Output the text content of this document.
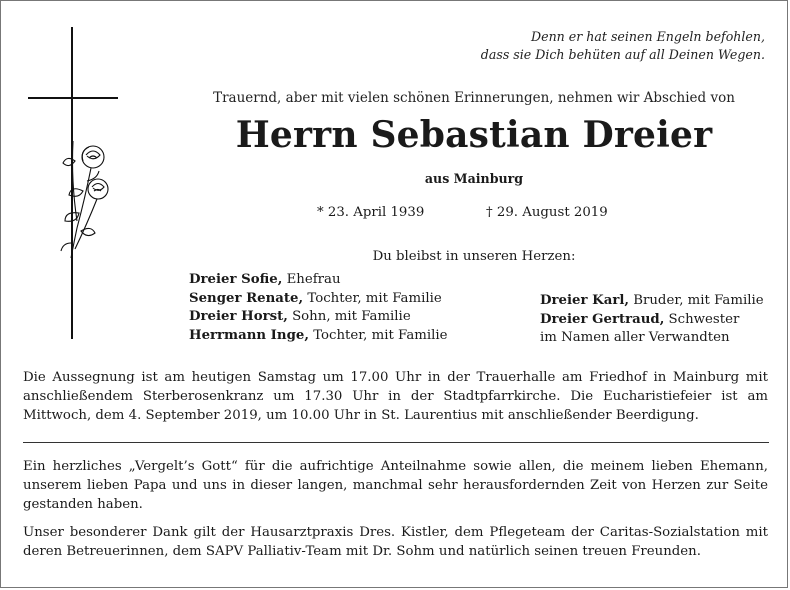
Denn er hat seinen Engeln befohlen,
dass sie Dich behüten auf all Deinen Wegen.
Trauernd, aber mit vielen schönen Erinnerungen, nehmen wir Abschied von
Herrn Sebastian Dreier
aus Mainburg
* 23. April 1939	† 29. August 2019
Du bleibst in unseren Herzen:
Dreier Sofie, Ehefrau
Senger Renate, Tochter, mit Familie
Dreier Horst, Sohn, mit Familie
Herrmann Inge, Tochter, mit Familie
Dreier Karl, Bruder, mit Familie
Dreier Gertraud, Schwester
im Namen aller Verwandten
Die Aussegnung ist am heutigen Samstag um 17.00 Uhr in der Trauerhalle am Friedhof in Mainburg mit anschließendem Sterberosenkranz um 17.30 Uhr in der Stadtpfarrkirche. Die Eucharistiefeier ist am Mittwoch, dem 4. September 2019, um 10.00 Uhr in St. Laurentius mit anschließender Beerdigung.
Ein herzliches „Vergelt’s Gott“ für die aufrichtige Anteilnahme sowie allen, die meinem lieben Ehemann, unserem lieben Papa und uns in dieser langen, manchmal sehr herausfordernden Zeit von Herzen zur Seite gestanden haben.
Unser besonderer Dank gilt der Hausarztpraxis Dres. Kistler, dem Pflegeteam der Caritas-Sozialstation mit deren Betreuerinnen, dem SAPV Palliativ-Team mit Dr. Sohm und natürlich seinen treuen Freunden.
